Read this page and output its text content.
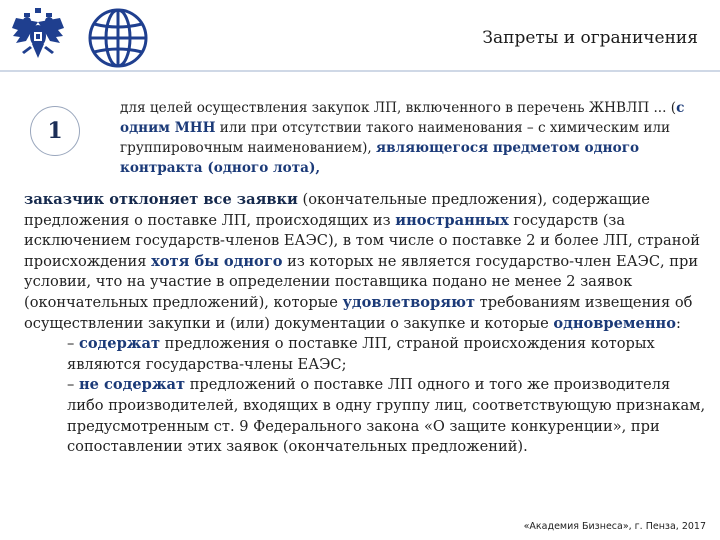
Запреты и ограничения
1
для целей осуществления закупок ЛП, включенного в перечень ЖНВЛП ... (с одним МНН или при отсутствии такого наименования – с химическим или группировочным наименованием), являющегося предметом одного контракта (одного лота),
заказчик отклоняет все заявки (окончательные предложения), содержащие предложения о поставке ЛП, происходящих из иностранных государств (за исключением государств-членов ЕАЭС), в том числе о поставке 2 и более ЛП, страной происхождения хотя бы одного из которых не является государство-член ЕАЭС, при условии, что на участие в определении поставщика подано не менее 2 заявок (окончательных предложений), которые удовлетворяют требованиям извещения об осуществлении закупки и (или) документации о закупке и которые одновременно:
– содержат предложения о поставке ЛП, страной происхождения которых являются государства-члены ЕАЭС;
– не содержат предложений о поставке ЛП одного и того же производителя либо производителей, входящих в одну группу лиц, соответствующую признакам, предусмотренным ст. 9 Федерального закона «О защите конкуренции», при сопоставлении этих заявок (окончательных предложений).
«Академия Бизнеса», г. Пенза, 2017
